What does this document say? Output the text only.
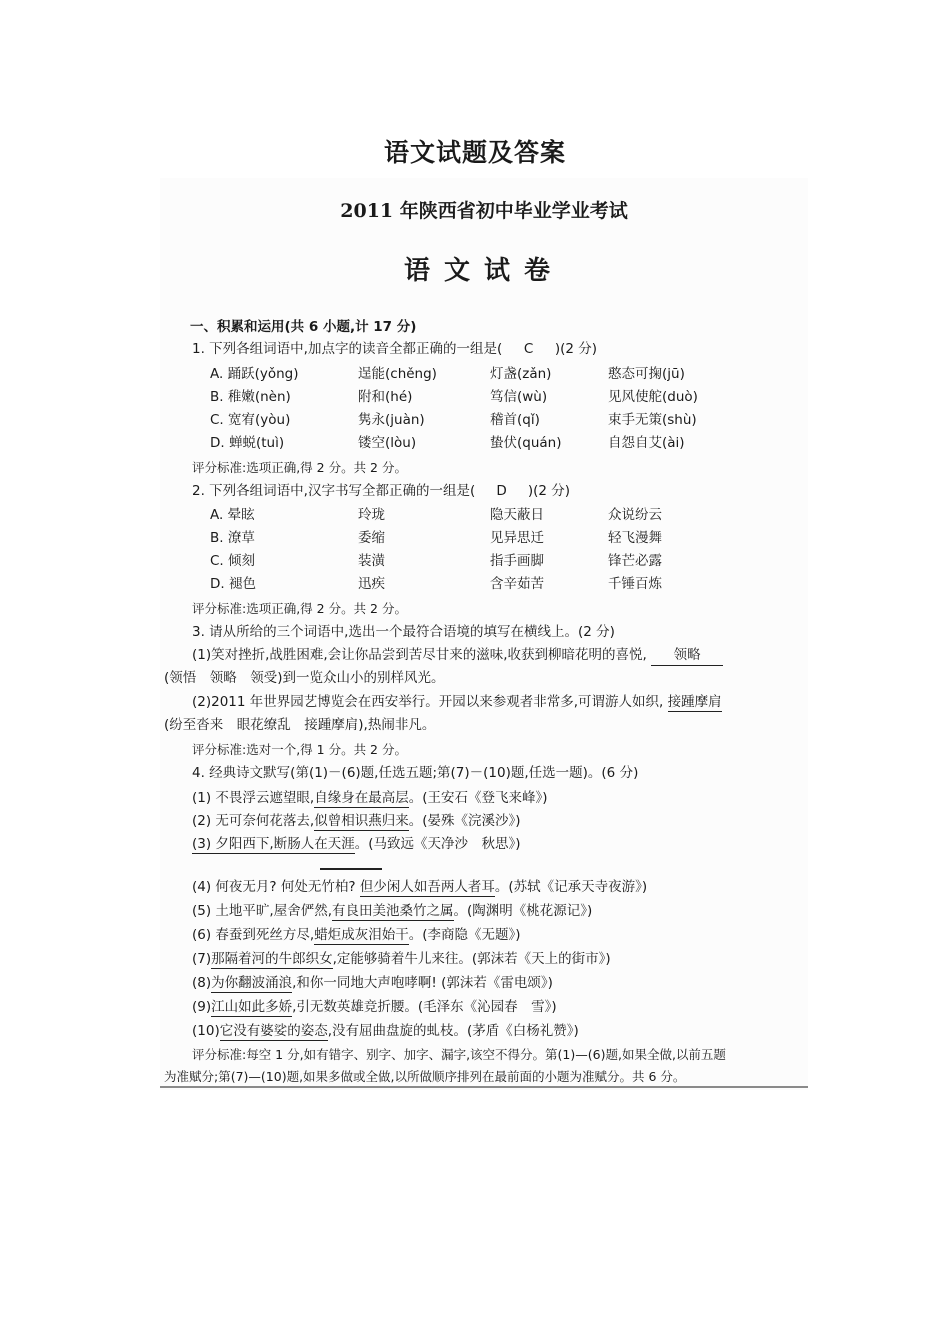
语文试题及答案
2011 年陕西省初中毕业学业考试
语文试卷
一、积累和运用(共 6 小题,计 17 分)
1. 下列各组词语中,加点字的读音全都正确的一组是( C )(2 分)
A. 踊跃(yǒng)	逞能(chěng)	灯盏(zǎn)	憨态可掬(jū)
B. 稚嫩(nèn)	附和(hé)	笃信(wù)	见风使舵(duò)
C. 宽宥(yòu)	隽永(juàn)	稽首(qǐ)	束手无策(shù)
D. 蝉蜕(tuì)	镂空(lòu)	蛰伏(quán)	自怨自艾(ài)
评分标准:选项正确,得 2 分。共 2 分。
2. 下列各组词语中,汉字书写全都正确的一组是( D )(2 分)
A. 晕眩	玲珑	隐天蔽日	众说纷云
B. 潦草	委缩	见异思迁	轻飞漫舞
C. 倾刻	装潢	指手画脚	锋芒必露
D. 褪色	迅疾	含辛茹苦	千锤百炼
评分标准:选项正确,得 2 分。共 2 分。
3. 请从所给的三个词语中,选出一个最符合语境的填写在横线上。(2 分)
(1)笑对挫折,战胜困难,会让你品尝到苦尽甘来的滋味,收获到柳暗花明的喜悦, 领略
(领悟　领略　领受)到一览众山小的别样风光。
(2)2011 年世界园艺博览会在西安举行。开园以来参观者非常多,可谓游人如织, 接踵摩肩
(纷至沓来　眼花缭乱　接踵摩肩),热闹非凡。
评分标准:选对一个,得 1 分。共 2 分。
4. 经典诗文默写(第(1)－(6)题,任选五题;第(7)－(10)题,任选一题)。(6 分)
(1) 不畏浮云遮望眼,自缘身在最高层。(王安石《登飞来峰》)
(2) 无可奈何花落去,似曾相识燕归来。(晏殊《浣溪沙》)
(3) 夕阳西下,断肠人在天涯。(马致远《天净沙　秋思》)
(4) 何夜无月? 何处无竹柏? 但少闲人如吾两人者耳。(苏轼《记承天寺夜游》)
(5) 土地平旷,屋舍俨然,有良田美池桑竹之属。(陶渊明《桃花源记》)
(6) 春蚕到死丝方尽,蜡炬成灰泪始干。(李商隐《无题》)
(7)那隔着河的牛郎织女,定能够骑着牛儿来往。(郭沫若《天上的街市》)
(8)为你翻波涌浪,和你一同地大声咆哮啊! (郭沫若《雷电颂》)
(9)江山如此多娇,引无数英雄竞折腰。(毛泽东《沁园春　雪》)
(10)它没有婆娑的姿态,没有屈曲盘旋的虬枝。(茅盾《白杨礼赞》)
评分标准:每空 1 分,如有错字、别字、加字、漏字,该空不得分。第(1)—(6)题,如果全做,以前五题
为准赋分;第(7)—(10)题,如果多做或全做,以所做顺序排列在最前面的小题为准赋分。共 6 分。
